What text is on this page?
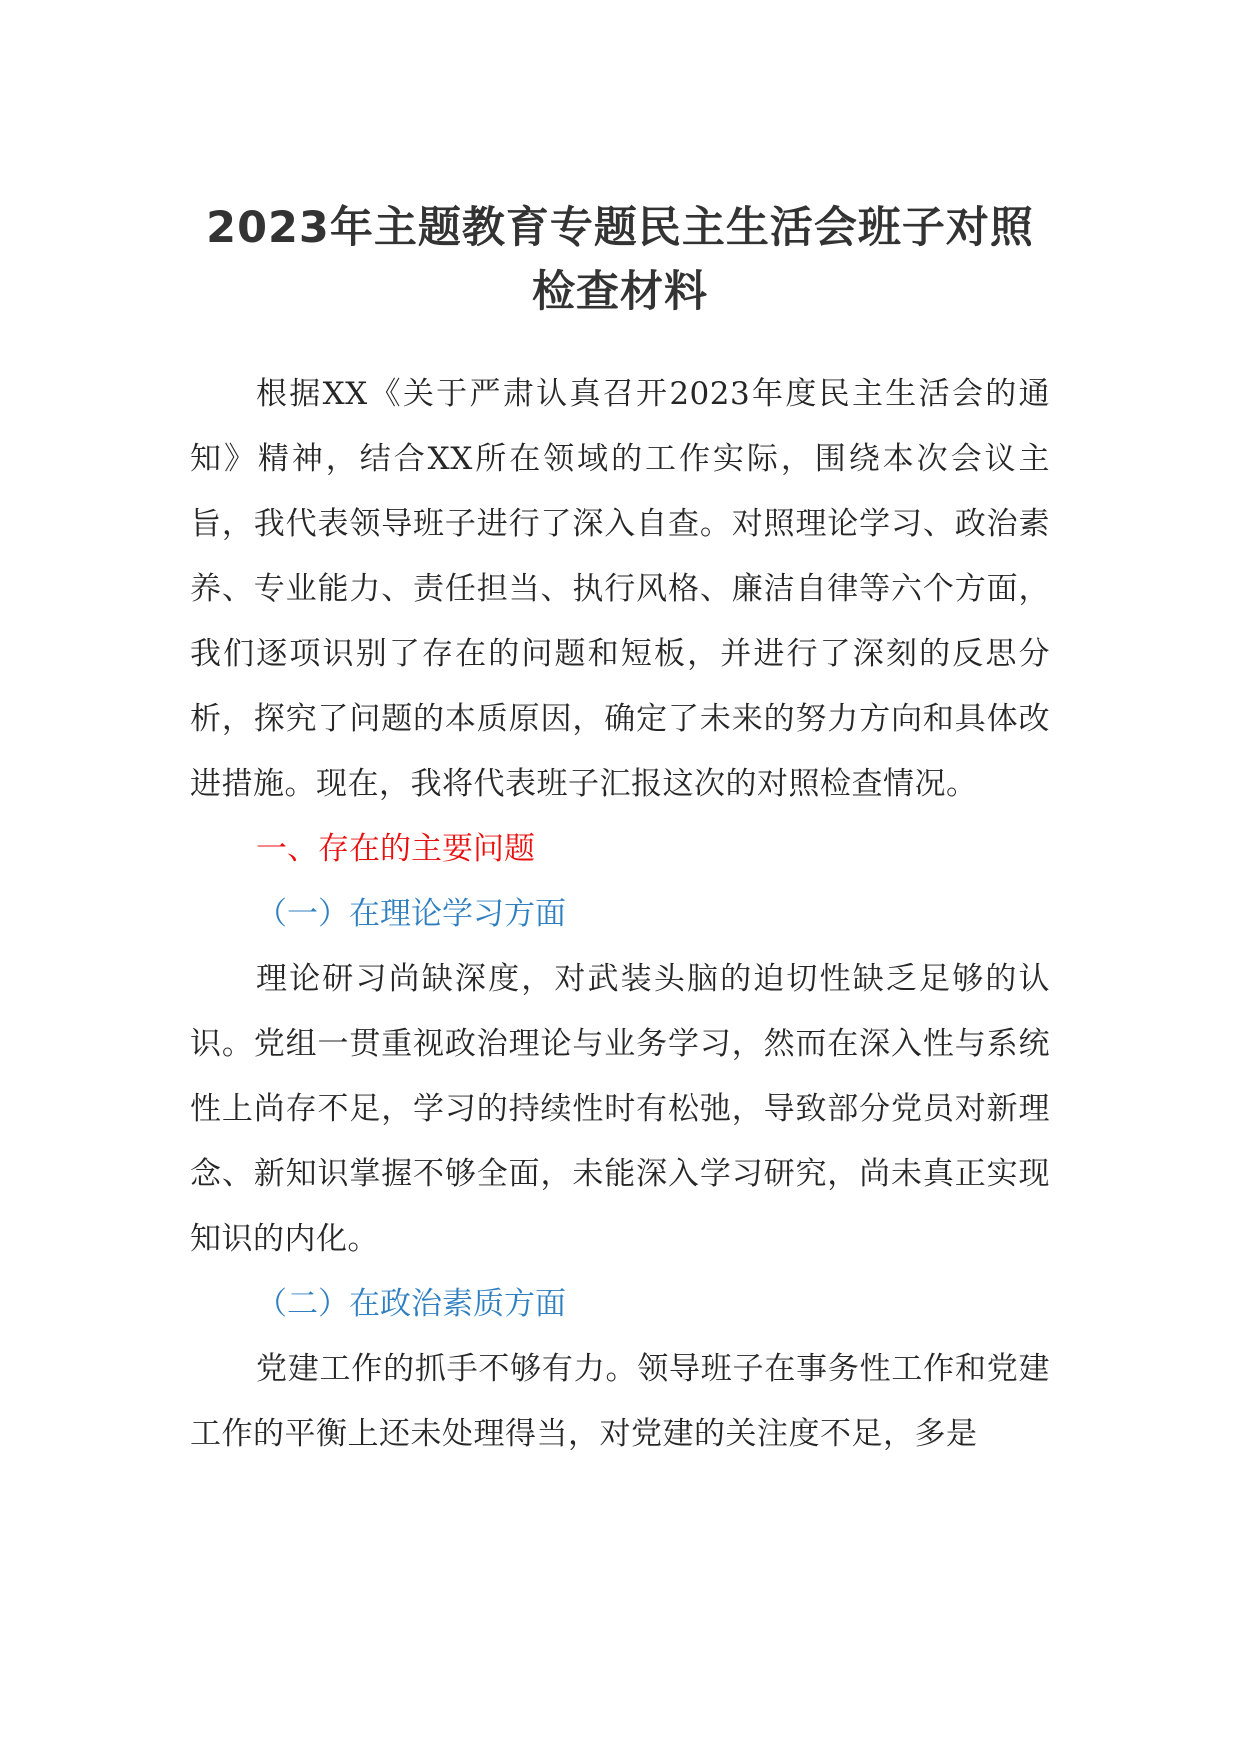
2023年主题教育专题民主生活会班子对照
检查材料

根据XX《关于严肃认真召开2023年度民主生活会的通知》精神，结合XX所在领域的工作实际，围绕本次会议主旨，我代表领导班子进行了深入自查。对照理论学习、政治素养、专业能力、责任担当、执行风格、廉洁自律等六个方面，我们逐项识别了存在的问题和短板，并进行了深刻的反思分析，探究了问题的本质原因，确定了未来的努力方向和具体改进措施。现在，我将代表班子汇报这次的对照检查情况。

一、存在的主要问题

（一）在理论学习方面

理论研习尚缺深度，对武装头脑的迫切性缺乏足够的认识。党组一贯重视政治理论与业务学习，然而在深入性与系统性上尚存不足，学习的持续性时有松弛，导致部分党员对新理念、新知识掌握不够全面，未能深入学习研究，尚未真正实现知识的内化。

（二）在政治素质方面

党建工作的抓手不够有力。领导班子在事务性工作和党建工作的平衡上还未处理得当，对党建的关注度不足，多是
